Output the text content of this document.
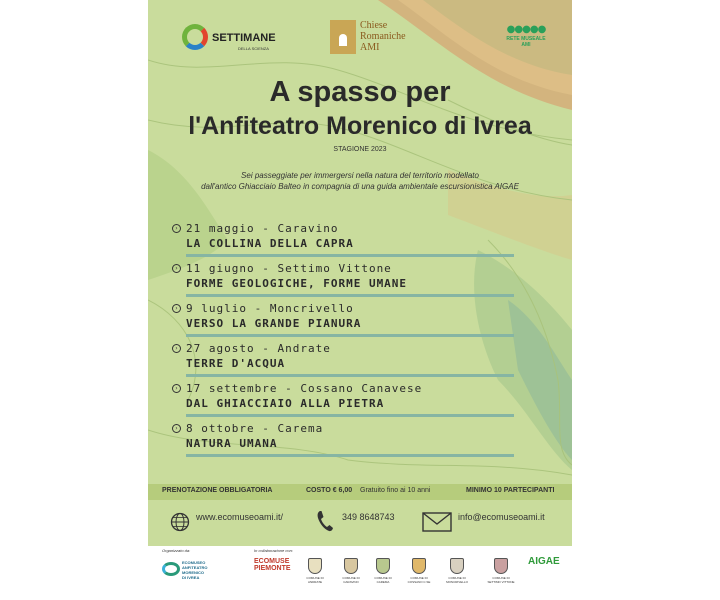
SETTIMANE
DELLA SCIENZA
Chiese
Romaniche
AMI
●●●●●
RETE MUSEALE
AMI
A spasso per
l'Anfiteatro Morenico di Ivrea
STAGIONE 2023
Sei passeggiate per immergersi nella natura del territorio modellato
dall'antico Ghiacciaio Balteo in compagnia di una guida ambientale escursionistica AIGAE
› 21 maggio - Caravino
LA COLLINA DELLA CAPRA
› 11 giugno - Settimo Vittone
FORME GEOLOGICHE, FORME UMANE
› 9 luglio - Moncrivello
VERSO LA GRANDE PIANURA
› 27 agosto - Andrate
TERRE D'ACQUA
› 17 settembre - Cossano Canavese
DAL GHIACCIAIO ALLA PIETRA
› 8 ottobre - Carema
NATURA UMANA
PRENOTAZIONE OBBLIGATORIA	COSTO € 6,00 Gratuito fino ai 10 anni	MINIMO 10 PARTECIPANTI
www.ecomuseoami.it/	349 8648743	info@ecomuseoami.it
Organizzato da:	In collaborazione con:
ECOMUSEO
ANFITEATRO
MORENICO
DI IVREA
ECOMUSE
PIEMONTE
COMUNE DI ANDRATE
COMUNE DI CARAVINO
COMUNE DI CAREMA
COMUNE DI COSSANO C.SE
COMUNE DI MONCRIVELLO
COMUNE DI SETTIMO VITTONE
AIGAE
